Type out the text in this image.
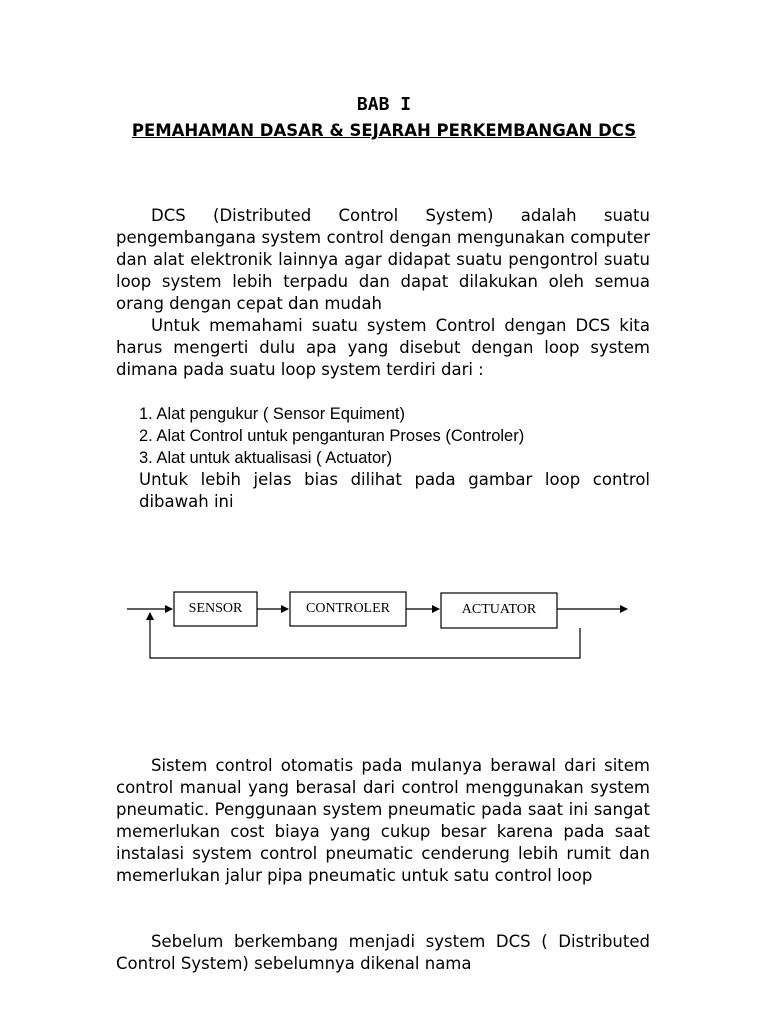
BAB I
PEMAHAMAN DASAR & SEJARAH PERKEMBANGAN DCS

DCS (Distributed Control System) adalah suatu pengembangana system control dengan mengunakan computer dan alat elektronik lainnya agar didapat suatu pengontrol suatu loop system lebih terpadu dan dapat dilakukan oleh semua orang dengan cepat dan mudah

Untuk memahami suatu system Control dengan DCS kita harus mengerti dulu apa yang disebut dengan loop system dimana pada suatu loop system terdiri dari :

1. Alat pengukur ( Sensor Equiment)
2. Alat Control untuk penganturan Proses (Controler)
3. Alat untuk aktualisasi ( Actuator)

Untuk lebih jelas bias dilihat pada gambar loop control dibawah ini

SENSOR	CONTROLER	ACTUATOR

Sistem control otomatis pada mulanya berawal dari sitem control manual yang berasal dari control menggunakan system pneumatic. Penggunaan system pneumatic pada saat ini sangat memerlukan cost biaya yang cukup besar karena pada saat instalasi system control pneumatic cenderung lebih rumit dan memerlukan jalur pipa pneumatic untuk satu control loop

Sebelum berkembang menjadi system DCS ( Distributed Control System) sebelumnya dikenal nama
